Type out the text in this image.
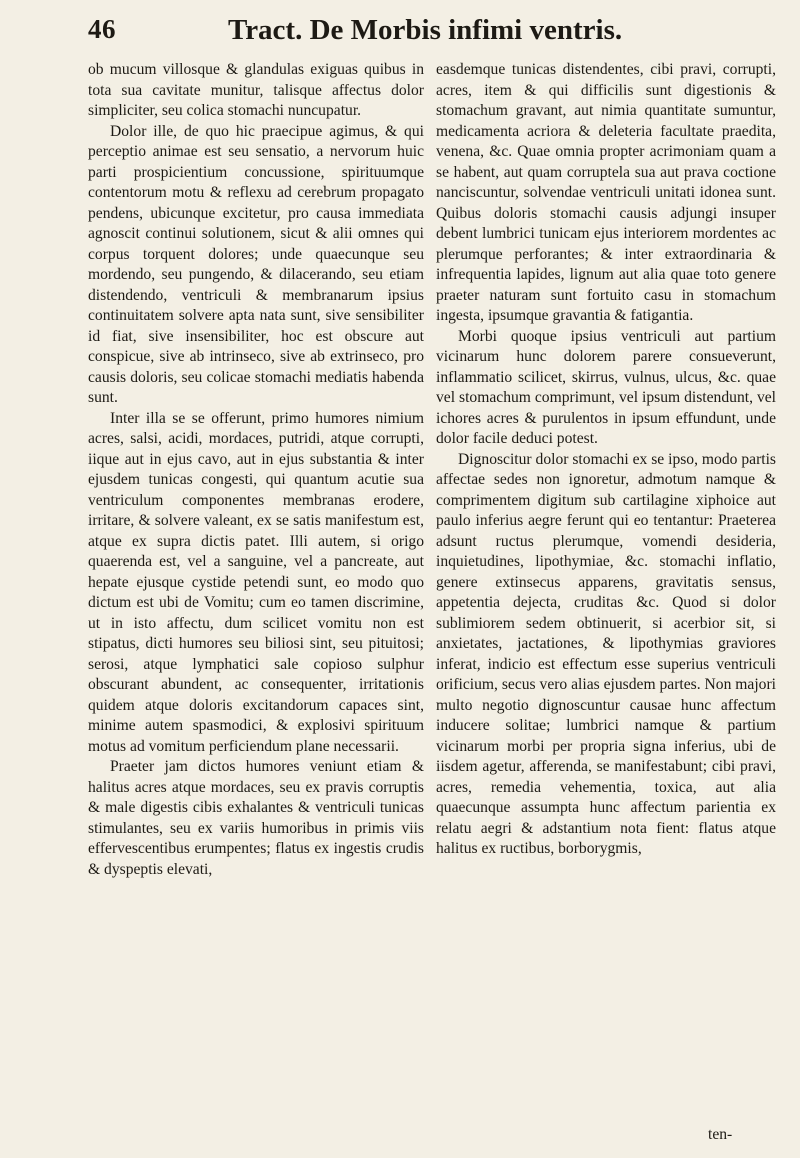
46	Tract. De Morbis infimi ventris.

ob mucum villosque & glandulas exiguas quibus in tota sua cavitate munitur, talisque affectus dolor simpliciter, seu colica stomachi nuncupatur.

Dolor ille, de quo hic praecipue agimus, & qui perceptio animae est seu sensatio, a nervorum huic parti prospicientium concussione, spirituumque contentorum motu & reflexu ad cerebrum propagato pendens, ubicunque excitetur, pro causa immediata agnoscit continui solutionem, sicut & alii omnes qui corpus torquent dolores; unde quaecunque seu mordendo, seu pungendo, & dilacerando, seu etiam distendendo, ventriculi & membranarum ipsius continuitatem solvere apta nata sunt, sive sensibiliter id fiat, sive insensibiliter, hoc est obscure aut conspicue, sive ab intrinseco, sive ab extrinseco, pro causis doloris, seu colicae stomachi mediatis habenda sunt.

Inter illa se se offerunt, primo humores nimium acres, salsi, acidi, mordaces, putridi, atque corrupti, iique aut in ejus cavo, aut in ejus substantia & inter ejusdem tunicas congesti, qui quantum acutie sua ventriculum componentes membranas erodere, irritare, & solvere valeant, ex se satis manifestum est, atque ex supra dictis patet. Illi autem, si origo quaerenda est, vel a sanguine, vel a pancreate, aut hepate ejusque cystide petendi sunt, eo modo quo dictum est ubi de Vomitu; cum eo tamen discrimine, ut in isto affectu, dum scilicet vomitu non est stipatus, dicti humores seu biliosi sint, seu pituitosi; serosi, atque lymphatici sale copioso sulphur obscurant abundent, ac consequenter, irritationis quidem atque doloris excitandorum capaces sint, minime autem spasmodici, & explosivi spirituum motus ad vomitum perficiendum plane necessarii.

Praeter jam dictos humores veniunt etiam & halitus acres atque mordaces, seu ex pravis corruptis & male digestis cibis exhalantes & ventriculi tunicas stimulantes, seu ex variis humoribus in primis viis effervescentibus erumpentes; flatus ex ingestis crudis & dyspeptis elevati,

easdemque tunicas distendentes, cibi pravi, corrupti, acres, item & qui difficilis sunt digestionis & stomachum gravant, aut nimia quantitate sumuntur, medicamenta acriora & deleteria facultate praedita, venena, &c. Quae omnia propter acrimoniam quam a se habent, aut quam corruptela sua aut prava coctione nanciscuntur, solvendae ventriculi unitati idonea sunt. Quibus doloris stomachi causis adjungi insuper debent lumbrici tunicam ejus interiorem mordentes ac plerumque perforantes; & inter extraordinaria & infrequentia lapides, lignum aut alia quae toto genere praeter naturam sunt fortuito casu in stomachum ingesta, ipsumque gravantia & fatigantia.

Morbi quoque ipsius ventriculi aut partium vicinarum hunc dolorem parere consueverunt, inflammatio scilicet, skirrus, vulnus, ulcus, &c. quae vel stomachum comprimunt, vel ipsum distendunt, vel ichores acres & purulentos in ipsum effundunt, unde dolor facile deduci potest.

Dignoscitur dolor stomachi ex se ipso, modo partis affectae sedes non ignoretur, admotum namque & comprimentem digitum sub cartilagine xiphoice aut paulo inferius aegre ferunt qui eo tentantur: Praeterea adsunt ructus plerumque, vomendi desideria, inquietudines, lipothymiae, &c. stomachi inflatio, genere extinsecus apparens, gravitatis sensus, appetentia dejecta, cruditas &c. Quod si dolor sublimiorem sedem obtinuerit, si acerbior sit, si anxietates, jactationes, & lipothymias graviores inferat, indicio est effectum esse superius ventriculi orificium, secus vero alias ejusdem partes. Non majori multo negotio dignoscuntur causae hunc affectum inducere solitae; lumbrici namque & partium vicinarum morbi per propria signa inferius, ubi de iisdem agetur, afferenda, se manifestabunt; cibi pravi, acres, remedia vehementia, toxica, aut alia quaecunque assumpta hunc affectum parientia ex relatu aegri & adstantium nota fient: flatus atque halitus ex ructibus, borborygmis,

ten-
